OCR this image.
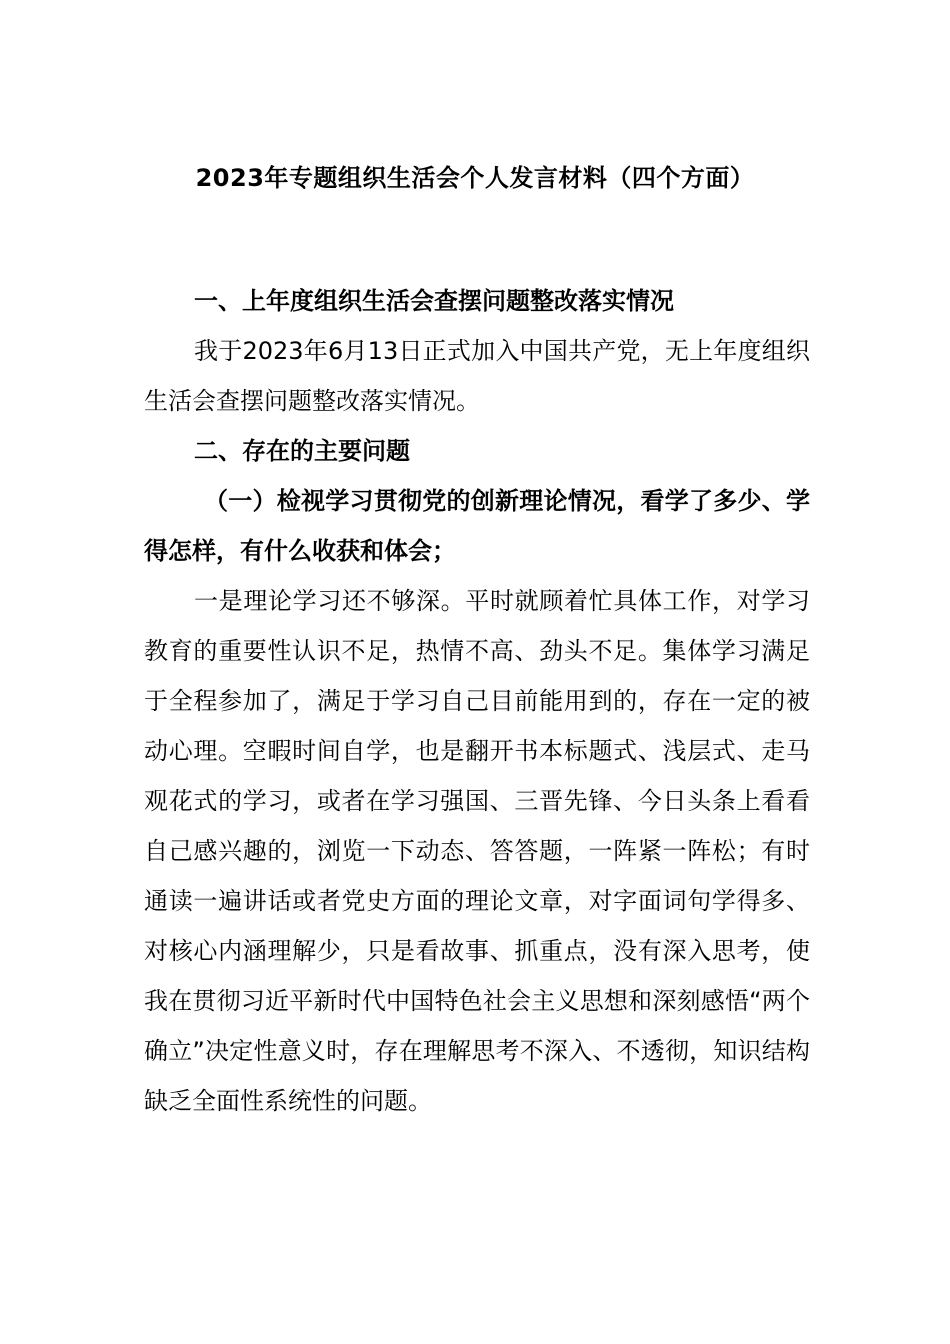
2023年专题组织生活会个人发言材料（四个方面）

一、上年度组织生活会查摆问题整改落实情况

我于2023年6月13日正式加入中国共产党，无上年度组织生活会查摆问题整改落实情况。

二、存在的主要问题

（一）检视学习贯彻党的创新理论情况，看学了多少、学得怎样，有什么收获和体会；

一是理论学习还不够深。平时就顾着忙具体工作，对学习教育的重要性认识不足，热情不高、劲头不足。集体学习满足于全程参加了，满足于学习自己目前能用到的，存在一定的被动心理。空暇时间自学，也是翻开书本标题式、浅层式、走马观花式的学习，或者在学习强国、三晋先锋、今日头条上看看自己感兴趣的，浏览一下动态、答答题，一阵紧一阵松；有时通读一遍讲话或者党史方面的理论文章，对字面词句学得多、对核心内涵理解少，只是看故事、抓重点，没有深入思考，使我在贯彻习近平新时代中国特色社会主义思想和深刻感悟“两个确立”决定性意义时，存在理解思考不深入、不透彻，知识结构缺乏全面性系统性的问题。
